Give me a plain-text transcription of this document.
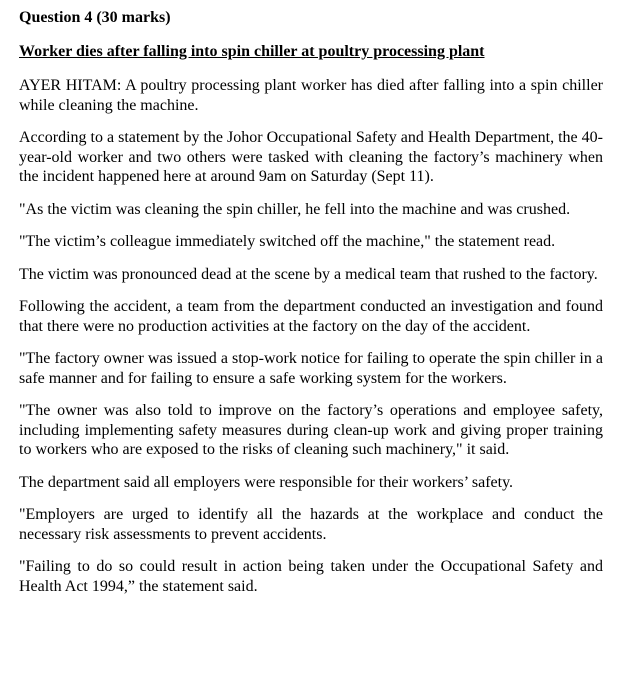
Question 4 (30 marks)
Worker dies after falling into spin chiller at poultry processing plant

AYER HITAM: A poultry processing plant worker has died after falling into a spin chiller while cleaning the machine.

According to a statement by the Johor Occupational Safety and Health Department, the 40-year-old worker and two others were tasked with cleaning the factory’s machinery when the incident happened here at around 9am on Saturday (Sept 11).

"As the victim was cleaning the spin chiller, he fell into the machine and was crushed.

"The victim’s colleague immediately switched off the machine," the statement read.

The victim was pronounced dead at the scene by a medical team that rushed to the factory.

Following the accident, a team from the department conducted an investigation and found that there were no production activities at the factory on the day of the accident.

"The factory owner was issued a stop-work notice for failing to operate the spin chiller in a safe manner and for failing to ensure a safe working system for the workers.

"The owner was also told to improve on the factory’s operations and employee safety, including implementing safety measures during clean-up work and giving proper training to workers who are exposed to the risks of cleaning such machinery," it said.

The department said all employers were responsible for their workers’ safety.

"Employers are urged to identify all the hazards at the workplace and conduct the necessary risk assessments to prevent accidents.

"Failing to do so could result in action being taken under the Occupational Safety and Health Act 1994,” the statement said.
